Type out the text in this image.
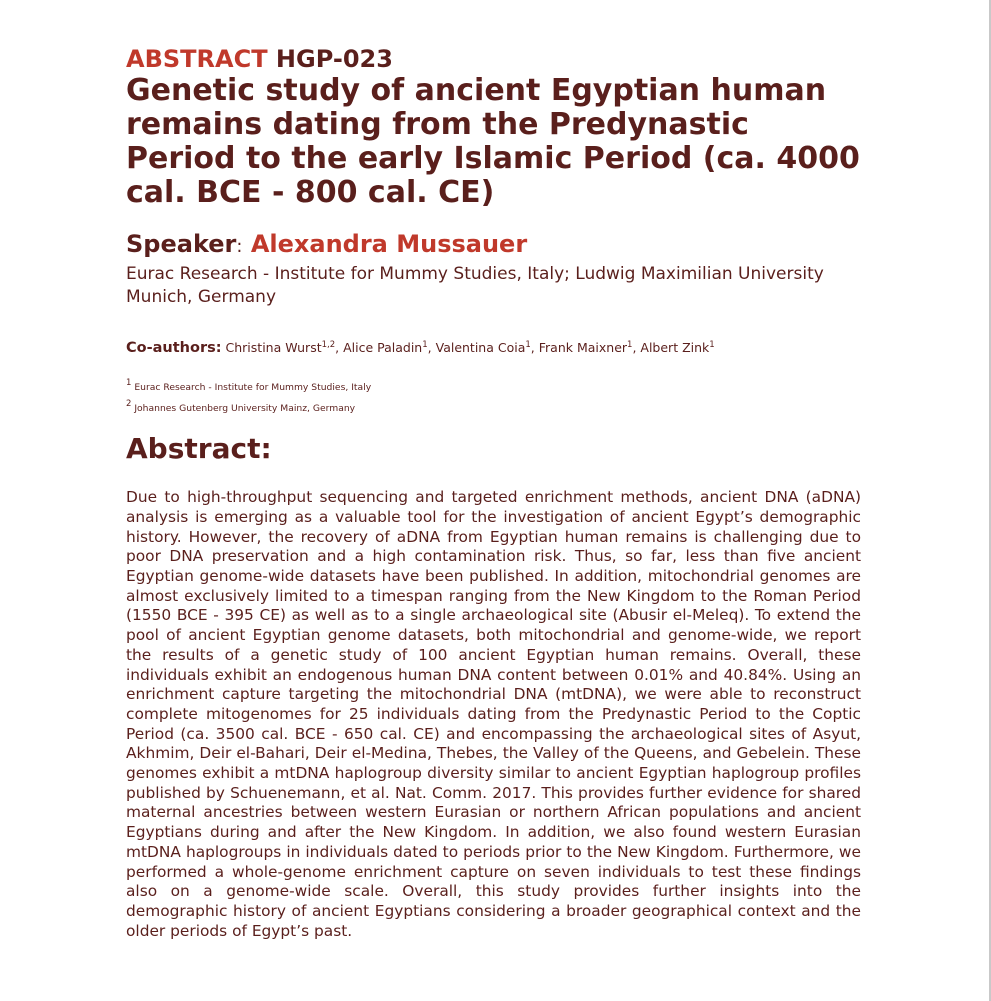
ABSTRACT HGP-023

Genetic study of ancient Egyptian human remains dating from the Predynastic Period to the early Islamic Period (ca. 4000 cal. BCE - 800 cal. CE)
Speaker: Alexandra Mussauer
Eurac Research - Institute for Mummy Studies, Italy; Ludwig Maximilian University Munich, Germany
Co-authors: Christina Wurst$^{1,2}$, Alice Paladin$^1$, Valentina Coia$^1$, Frank Maixner$^1$, Albert Zink$^1$
$^1$ Eurac Research - Institute for Mummy Studies, Italy
$^2$ Johannes Gutenberg University Mainz, Germany
Abstract:

Due to high-throughput sequencing and targeted enrichment methods, ancient DNA (aDNA) analysis is emerging as a valuable tool for the investigation of ancient Egypt’s demographic history. However, the recovery of aDNA from Egyptian human remains is challenging due to poor DNA preservation and a high contamination risk. Thus, so far, less than five ancient Egyptian genome-wide datasets have been published. In addition, mitochondrial genomes are almost exclusively limited to a timespan ranging from the New Kingdom to the Roman Period (1550 BCE - 395 CE) as well as to a single archaeological site (Abusir el-Meleq). To extend the pool of ancient Egyptian genome datasets, both mitochondrial and genome-wide, we report the results of a genetic study of 100 ancient Egyptian human remains. Overall, these individuals exhibit an endogenous human DNA content between 0.01% and 40.84%. Using an enrichment capture targeting the mitochondrial DNA (mtDNA), we were able to reconstruct complete mitogenomes for 25 individuals dating from the Predynastic Period to the Coptic Period (ca. 3500 cal. BCE - 650 cal. CE) and encompassing the archaeological sites of Asyut, Akhmim, Deir el-Bahari, Deir el-Medina, Thebes, the Valley of the Queens, and Gebelein. These genomes exhibit a mtDNA haplogroup diversity similar to ancient Egyptian haplogroup profiles published by Schuenemann, et al. Nat. Comm. 2017. This provides further evidence for shared maternal ancestries between western Eurasian or northern African populations and ancient Egyptians during and after the New Kingdom. In addition, we also found western Eurasian mtDNA haplogroups in individuals dated to periods prior to the New Kingdom. Furthermore, we performed a whole-genome enrichment capture on seven individuals to test these findings also on a genome-wide scale. Overall, this study provides further insights into the demographic history of ancient Egyptians considering a broader geographical context and the older periods of Egypt’s past.
